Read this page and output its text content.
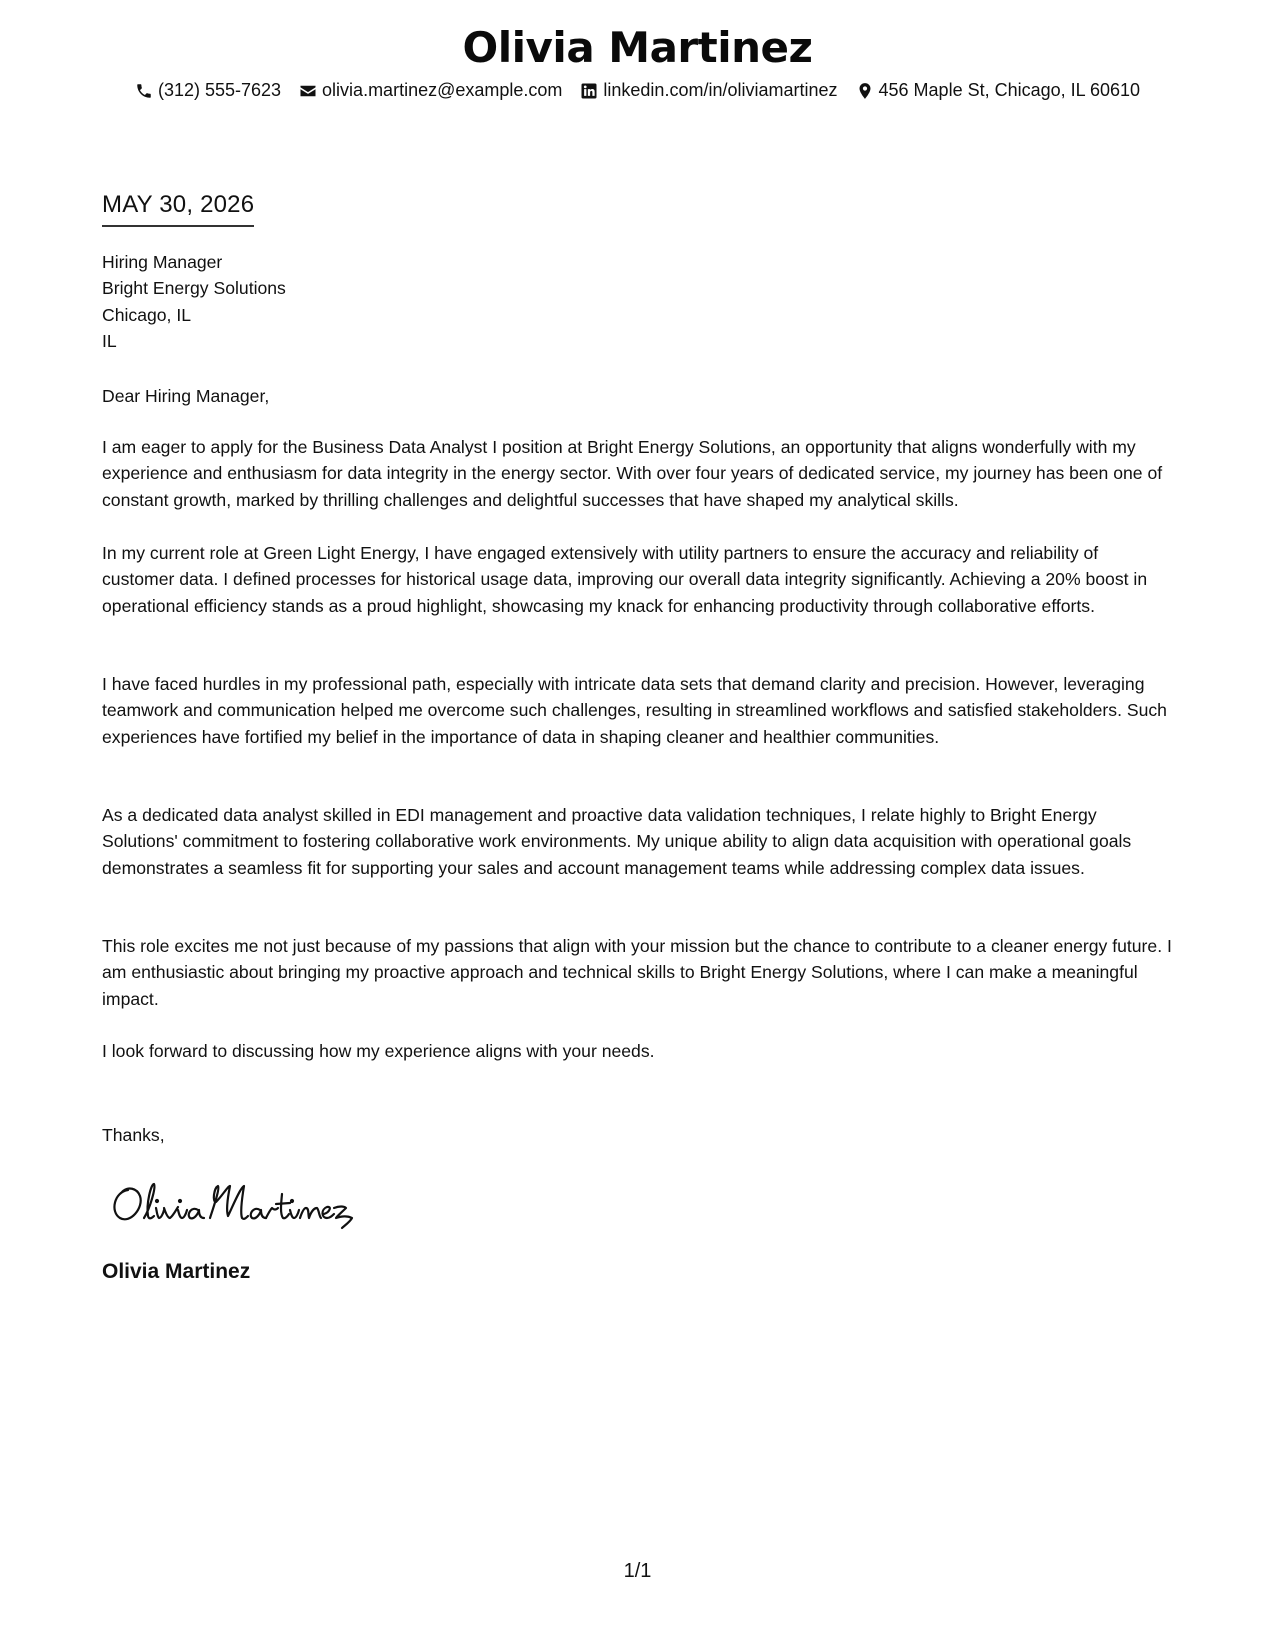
Olivia Martinez
(312) 555-7623 olivia.martinez@example.com linkedin.com/in/oliviamartinez 456 Maple St, Chicago, IL 60610
MAY 30, 2026
Hiring Manager
Bright Energy Solutions
Chicago, IL
IL
Dear Hiring Manager,

I am eager to apply for the Business Data Analyst I position at Bright Energy Solutions, an opportunity that aligns wonderfully with my experience and enthusiasm for data integrity in the energy sector. With over four years of dedicated service, my journey has been one of constant growth, marked by thrilling challenges and delightful successes that have shaped my analytical skills.

In my current role at Green Light Energy, I have engaged extensively with utility partners to ensure the accuracy and reliability of customer data. I defined processes for historical usage data, improving our overall data integrity significantly. Achieving a 20% boost in operational efficiency stands as a proud highlight, showcasing my knack for enhancing productivity through collaborative efforts.

I have faced hurdles in my professional path, especially with intricate data sets that demand clarity and precision. However, leveraging teamwork and communication helped me overcome such challenges, resulting in streamlined workflows and satisfied stakeholders. Such experiences have fortified my belief in the importance of data in shaping cleaner and healthier communities.

As a dedicated data analyst skilled in EDI management and proactive data validation techniques, I relate highly to Bright Energy Solutions' commitment to fostering collaborative work environments. My unique ability to align data acquisition with operational goals demonstrates a seamless fit for supporting your sales and account management teams while addressing complex data issues.

This role excites me not just because of my passions that align with your mission but the chance to contribute to a cleaner energy future. I am enthusiastic about bringing my proactive approach and technical skills to Bright Energy Solutions, where I can make a meaningful impact.

I look forward to discussing how my experience aligns with your needs.

Thanks,
Olivia Martinez
1/1
